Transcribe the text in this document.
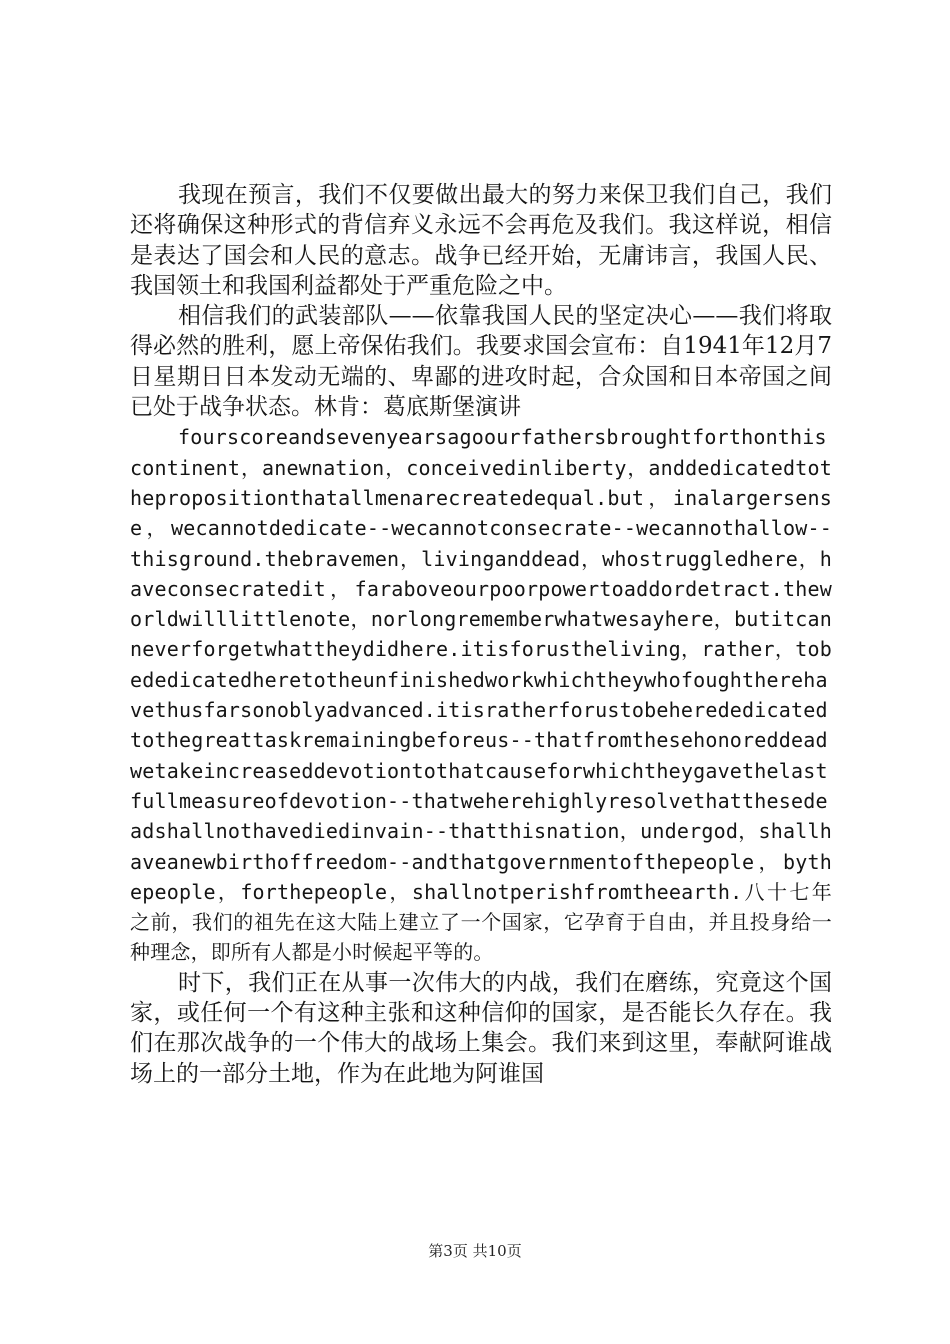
我现在预言，我们不仅要做出最大的努力来保卫我们自己，我们还将确保这种形式的背信弃义永远不会再危及我们。我这样说，相信是表达了国会和人民的意志。战争已经开始，无庸讳言，我国人民、我国领土和我国利益都处于严重危险之中。

相信我们的武装部队——依靠我国人民的坚定决心——我们将取得必然的胜利，愿上帝保佑我们。我要求国会宣布：自1941年12月7日星期日日本发动无端的、卑鄙的进攻时起，合众国和日本帝国之间已处于战争状态。林肯：葛底斯堡演讲

fourscoreandsevenyearsagoourfathersbroughtforthonthiscontinent，anewnation，conceivedinliberty，anddedicatedtothepropositionthatallmenarecreatedequal.but，inalargersense，wecannotdedicate--wecannotconsecrate--wecannothallow--thisground.thebravemen，livinganddead，whostruggledhere，haveconsecratedit，faraboveourpoorpowertoaddordetract.theworldwilllittlenote，norlongrememberwhatwesayhere，butitcanneverforgetwhattheydidhere.itisforustheliving，rather，tobededicatedheretotheunfinishedworkwhichtheywhofoughtherehavethusfarsonoblyadvanced.itisratherforustobeherededicatedtothegreattaskremainingbeforeus--thatfromthesehonoreddeadwetakeincreaseddevotiontothatcauseforwhichtheygavethelastfullmeasureofdevotion--thatweherehighlyresolvethatthesedeadshallnothavediedinvain--thatthisnation，undergod，shallhaveanewbirthoffreedom--andthatgovernmentofthepeople，bythepeople，forthepeople，shallnotperishfromtheearth.八十七年之前，我们的祖先在这大陆上建立了一个国家，它孕育于自由，并且投身给一种理念，即所有人都是小时候起平等的。

时下，我们正在从事一次伟大的内战，我们在磨练，究竟这个国家，或任何一个有这种主张和这种信仰的国家，是否能长久存在。我们在那次战争的一个伟大的战场上集会。我们来到这里，奉献阿谁战场上的一部分土地，作为在此地为阿谁国

第3页 共10页
